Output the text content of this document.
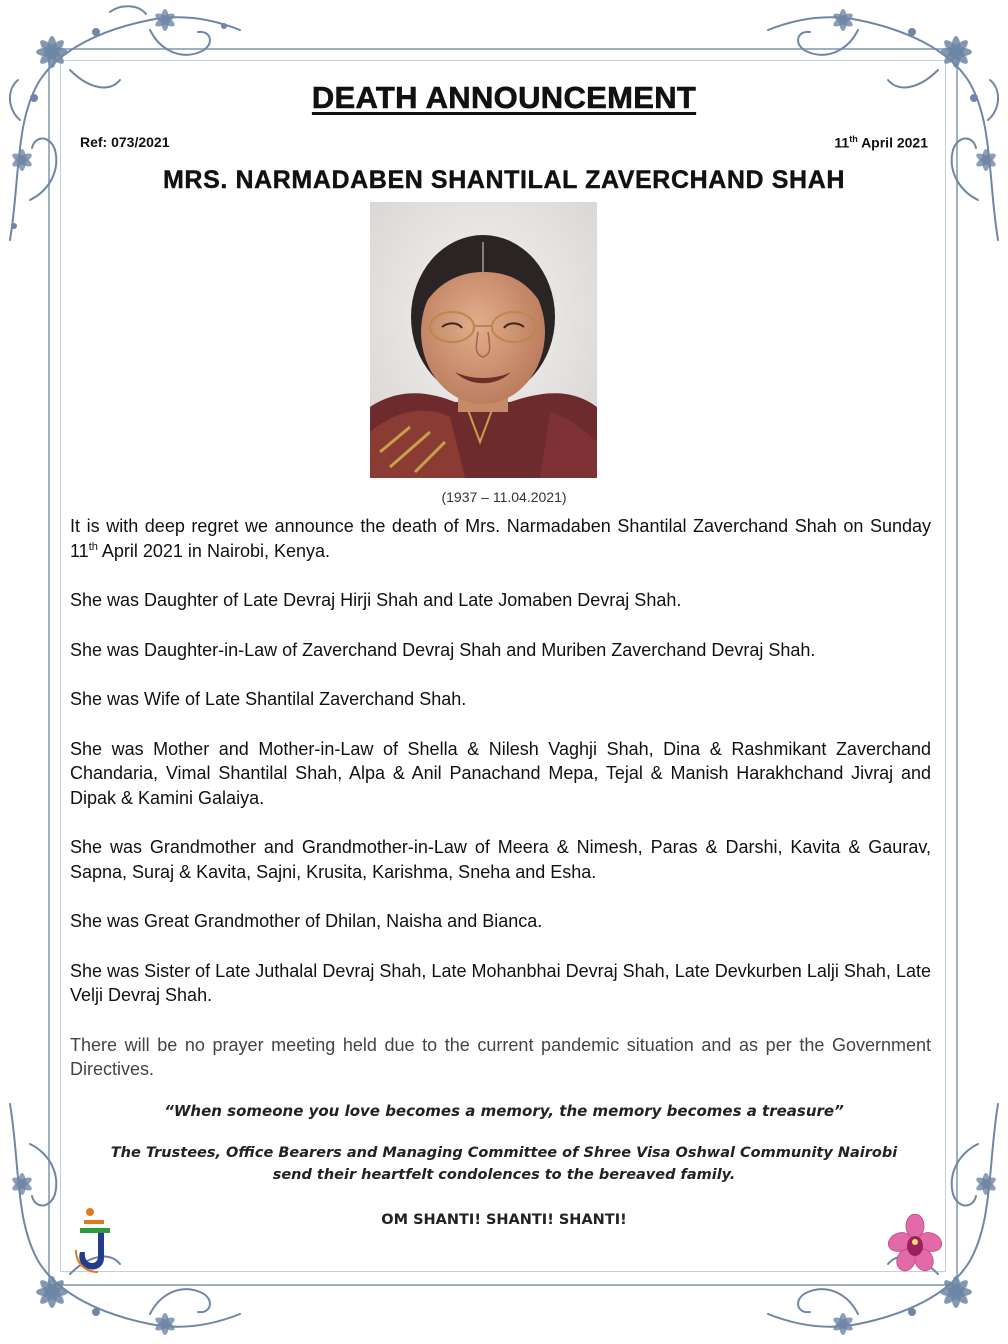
DEATH ANNOUNCEMENT
Ref: 073/2021	11th April 2021
MRS. NARMADABEN SHANTILAL ZAVERCHAND SHAH
(1937 – 11.04.2021)

It is with deep regret we announce the death of Mrs. Narmadaben Shantilal Zaverchand Shah on Sunday 11th April 2021 in Nairobi, Kenya.

She was Daughter of Late Devraj Hirji Shah and Late Jomaben Devraj Shah.

She was Daughter-in-Law of Zaverchand Devraj Shah and Muriben Zaverchand Devraj Shah.

She was Wife of Late Shantilal Zaverchand Shah.

She was Mother and Mother-in-Law of Shella & Nilesh Vaghji Shah, Dina & Rashmikant Zaverchand Chandaria, Vimal Shantilal Shah, Alpa & Anil Panachand Mepa, Tejal & Manish Harakhchand Jivraj and Dipak & Kamini Galaiya.

She was Grandmother and Grandmother-in-Law of Meera & Nimesh, Paras & Darshi, Kavita & Gaurav, Sapna, Suraj & Kavita, Sajni, Krusita, Karishma, Sneha and Esha.

She was Great Grandmother of Dhilan, Naisha and Bianca.

She was Sister of Late Juthalal Devraj Shah, Late Mohanbhai Devraj Shah, Late Devkurben Lalji Shah, Late Velji Devraj Shah.

There will be no prayer meeting held due to the current pandemic situation and as per the Government Directives.

“When someone you love becomes a memory, the memory becomes a treasure”
The Trustees, Office Bearers and Managing Committee of Shree Visa Oshwal Community Nairobi
send their heartfelt condolences to the bereaved family.
OM SHANTI! SHANTI! SHANTI!
